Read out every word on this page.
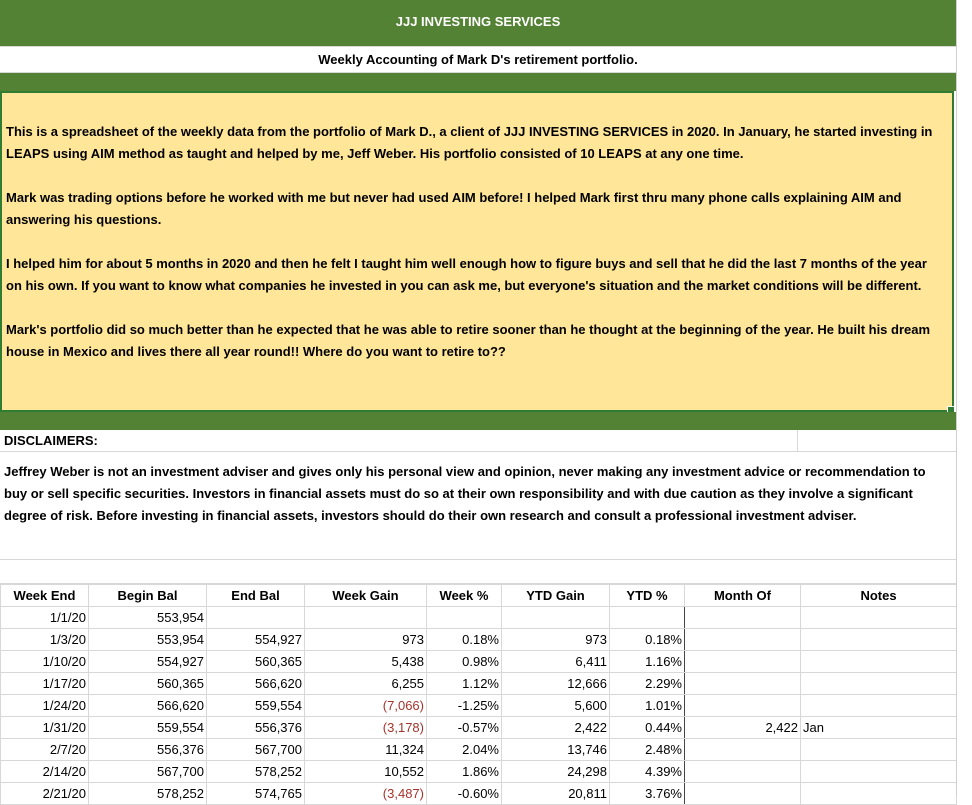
JJJ INVESTING SERVICES
Weekly Accounting of Mark D's retirement portfolio.

This is a spreadsheet of the weekly data from the portfolio of Mark D., a client of JJJ INVESTING SERVICES in 2020. In January, he started investing in LEAPS using AIM method as taught and helped by me, Jeff Weber. His portfolio consisted of 10 LEAPS at any one time.

Mark was trading options before he worked with me but never had used AIM before! I helped Mark first thru many phone calls explaining AIM and answering his questions.

I helped him for about 5 months in 2020 and then he felt I taught him well enough how to figure buys and sell that he did the last 7 months of the year on his own. If you want to know what companies he invested in you can ask me, but everyone's situation and the market conditions will be different.

Mark's portfolio did so much better than he expected that he was able to retire sooner than he thought at the beginning of the year. He built his dream house in Mexico and lives there all year round!! Where do you want to retire to??

DISCLAIMERS:
Jeffrey Weber is not an investment adviser and gives only his personal view and opinion, never making any investment advice or recommendation to buy or sell specific securities. Investors in financial assets must do so at their own responsibility and with due caution as they involve a significant degree of risk. Before investing in financial assets, investors should do their own research and consult a professional investment adviser.
Week End	Begin Bal	End Bal	Week Gain	Week %	YTD Gain	YTD %	Month Of	Notes
1/1/20	553,954							
1/3/20	553,954	554,927	973	0.18%	973	0.18%		
1/10/20	554,927	560,365	5,438	0.98%	6,411	1.16%		
1/17/20	560,365	566,620	6,255	1.12%	12,666	2.29%		
1/24/20	566,620	559,554	(7,066)	-1.25%	5,600	1.01%		
1/31/20	559,554	556,376	(3,178)	-0.57%	2,422	0.44%	2,422	Jan
2/7/20	556,376	567,700	11,324	2.04%	13,746	2.48%		
2/14/20	567,700	578,252	10,552	1.86%	24,298	4.39%		
2/21/20	578,252	574,765	(3,487)	-0.60%	20,811	3.76%		
